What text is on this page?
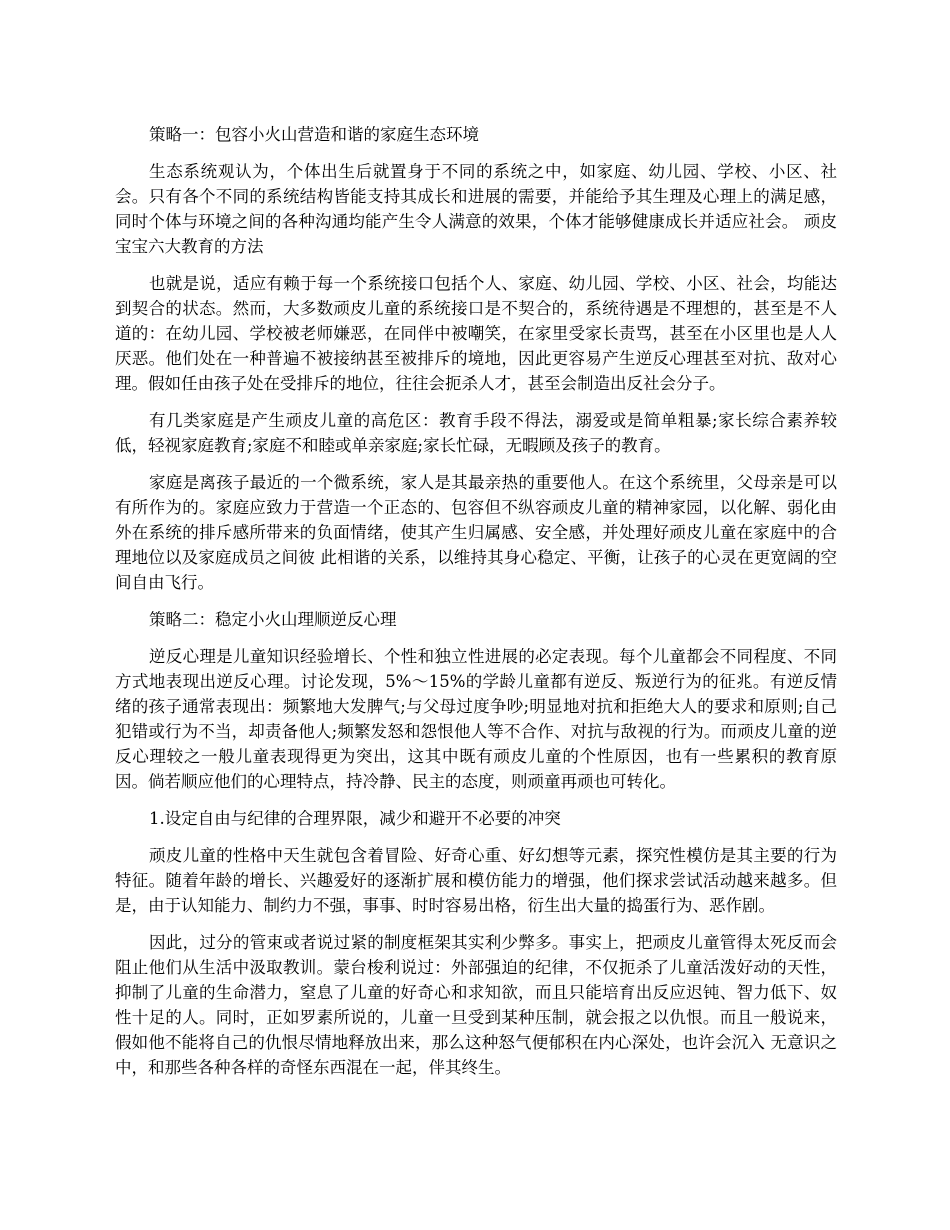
策略一：包容小火山营造和谐的家庭生态环境

生态系统观认为，个体出生后就置身于不同的系统之中，如家庭、幼儿园、学校、小区、社会。只有各个不同的系统结构皆能支持其成长和进展的需要，并能给予其生理及心理上的满足感，同时个体与环境之间的各种沟通均能产生令人满意的效果，个体才能够健康成长并适应社会。 顽皮宝宝六大教育的方法

也就是说，适应有赖于每一个系统接口包括个人、家庭、幼儿园、学校、小区、社会，均能达到契合的状态。然而，大多数顽皮儿童的系统接口是不契合的，系统待遇是不理想的，甚至是不人道的：在幼儿园、学校被老师嫌恶，在同伴中被嘲笑，在家里受家长责骂，甚至在小区里也是人人厌恶。他们处在一种普遍不被接纳甚至被排斥的境地，因此更容易产生逆反心理甚至对抗、敌对心理。假如任由孩子处在受排斥的地位，往往会扼杀人才，甚至会制造出反社会分子。

有几类家庭是产生顽皮儿童的高危区：教育手段不得法，溺爱或是简单粗暴;家长综合素养较低，轻视家庭教育;家庭不和睦或单亲家庭;家长忙碌，无暇顾及孩子的教育。

家庭是离孩子最近的一个微系统，家人是其最亲热的重要他人。在这个系统里，父母亲是可以有所作为的。家庭应致力于营造一个正态的、包容但不纵容顽皮儿童的精神家园，以化解、弱化由外在系统的排斥感所带来的负面情绪，使其产生归属感、安全感，并处理好顽皮儿童在家庭中的合理地位以及家庭成员之间彼 此相谐的关系，以维持其身心稳定、平衡，让孩子的心灵在更宽阔的空间自由飞行。

策略二：稳定小火山理顺逆反心理

逆反心理是儿童知识经验增长、个性和独立性进展的必定表现。每个儿童都会不同程度、不同方式地表现出逆反心理。讨论发现，5%～15%的学龄儿童都有逆反、叛逆行为的征兆。有逆反情绪的孩子通常表现出：频繁地大发脾气;与父母过度争吵;明显地对抗和拒绝大人的要求和原则;自己犯错或行为不当，却责备他人;频繁发怒和怨恨他人等不合作、对抗与敌视的行为。而顽皮儿童的逆反心理较之一般儿童表现得更为突出，这其中既有顽皮儿童的个性原因，也有一些累积的教育原因。倘若顺应他们的心理特点，持冷静、民主的态度，则顽童再顽也可转化。

1.设定自由与纪律的合理界限，减少和避开不必要的冲突

顽皮儿童的性格中天生就包含着冒险、好奇心重、好幻想等元素，探究性模仿是其主要的行为特征。随着年龄的增长、兴趣爱好的逐渐扩展和模仿能力的增强，他们探求尝试活动越来越多。但是，由于认知能力、制约力不强，事事、时时容易出格，衍生出大量的捣蛋行为、恶作剧。

因此，过分的管束或者说过紧的制度框架其实利少弊多。事实上，把顽皮儿童管得太死反而会阻止他们从生活中汲取教训。蒙台梭利说过：外部强迫的纪律，不仅扼杀了儿童活泼好动的天性，抑制了儿童的生命潜力，窒息了儿童的好奇心和求知欲，而且只能培育出反应迟钝、智力低下、奴性十足的人。同时，正如罗素所说的，儿童一旦受到某种压制，就会报之以仇恨。而且一般说来，假如他不能将自己的仇恨尽情地释放出来，那么这种怒气便郁积在内心深处，也许会沉入 无意识之中，和那些各种各样的奇怪东西混在一起，伴其终生。
